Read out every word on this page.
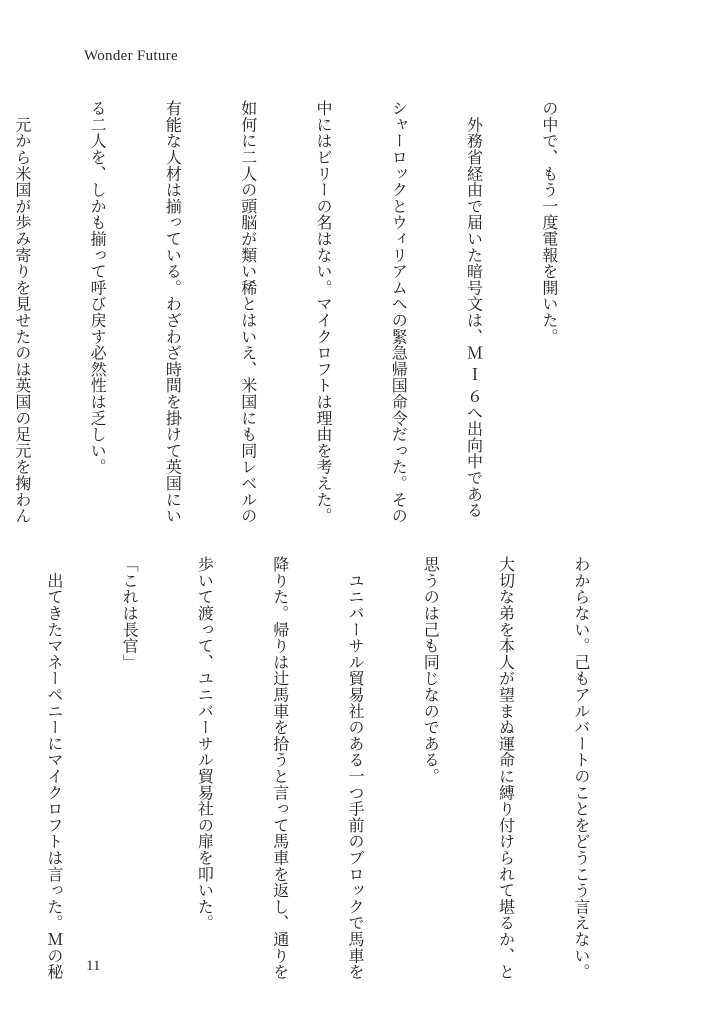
Wonder Future

の中で、もう一度電報を開いた。

　外務省経由で届いた暗号文は、Ｍ Ｉ ６へ出向中である

シャーロックとウィリアムへの緊急帰国命令だった。その

中にはビリーの名はない。マイクロフトは理由を考えた。

如何に二人の頭脳が類い稀とはいえ、米国にも同レベルの

有能な人材は揃っている。わざわざ時間を掛けて英国にい

る二人を、しかも揃って呼び戻す必然性は乏しい。

　元から米国が歩み寄りを見せたのは英国の足元を掬わん

わからない。己もアルバートのことをどうこう言えない。

大切な弟を本人が望まぬ運命に縛り付けられて堪るか、と

思うのは己も同じなのである。

　ユニバーサル貿易社のある一つ手前のブロックで馬車を

降りた。帰りは辻馬車を拾うと言って馬車を返し、通りを

歩いて渡って、ユニバーサル貿易社の扉を叩いた。

「これは長官」

　出てきたマネーペニーにマイクロフトは言った。Ｍの秘

11
